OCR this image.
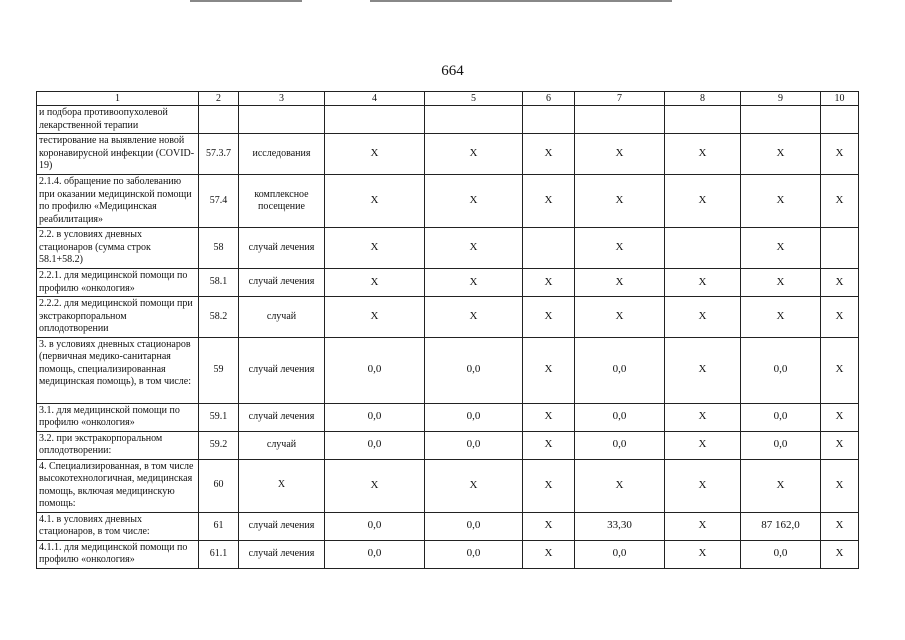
664
1	2	3	4	5	6	7	8	9	10
и подбора противоопухолевой лекарственной терапии									
тестирование на выявление новой коронавирусной инфекции (COVID-19)	57.3.7	исследования	X	X	X	X	X	X	X
2.1.4. обращение по заболеванию при оказании медицинской помощи по профилю «Медицинская реабилитация»	57.4	комплексное посещение	X	X	X	X	X	X	X
2.2. в условиях дневных стационаров (сумма строк 58.1+58.2)	58	случай лечения	X	X		X		X	
2.2.1. для медицинской помощи по профилю «онкология»	58.1	случай лечения	X	X	X	X	X	X	X
2.2.2. для медицинской помощи при экстракорпоральном оплодотворении	58.2	случай	X	X	X	X	X	X	X
3. в условиях дневных стационаров (первичная медико-санитарная помощь, специализированная медицинская помощь), в том числе:	59	случай лечения	0,0	0,0	X	0,0	X	0,0	X
3.1. для медицинской помощи по профилю «онкология»	59.1	случай лечения	0,0	0,0	X	0,0	X	0,0	X
3.2. при экстракорпоральном оплодотворении:	59.2	случай	0,0	0,0	X	0,0	X	0,0	X
4. Специализированная, в том числе высокотехнологичная, медицинская помощь, включая медицинскую помощь:	60	X	X	X	X	X	X	X	X
4.1. в условиях дневных стационаров, в том числе:	61	случай лечения	0,0	0,0	X	33,30	X	87 162,0	X
4.1.1. для медицинской помощи по профилю «онкология»	61.1	случай лечения	0,0	0,0	X	0,0	X	0,0	X
